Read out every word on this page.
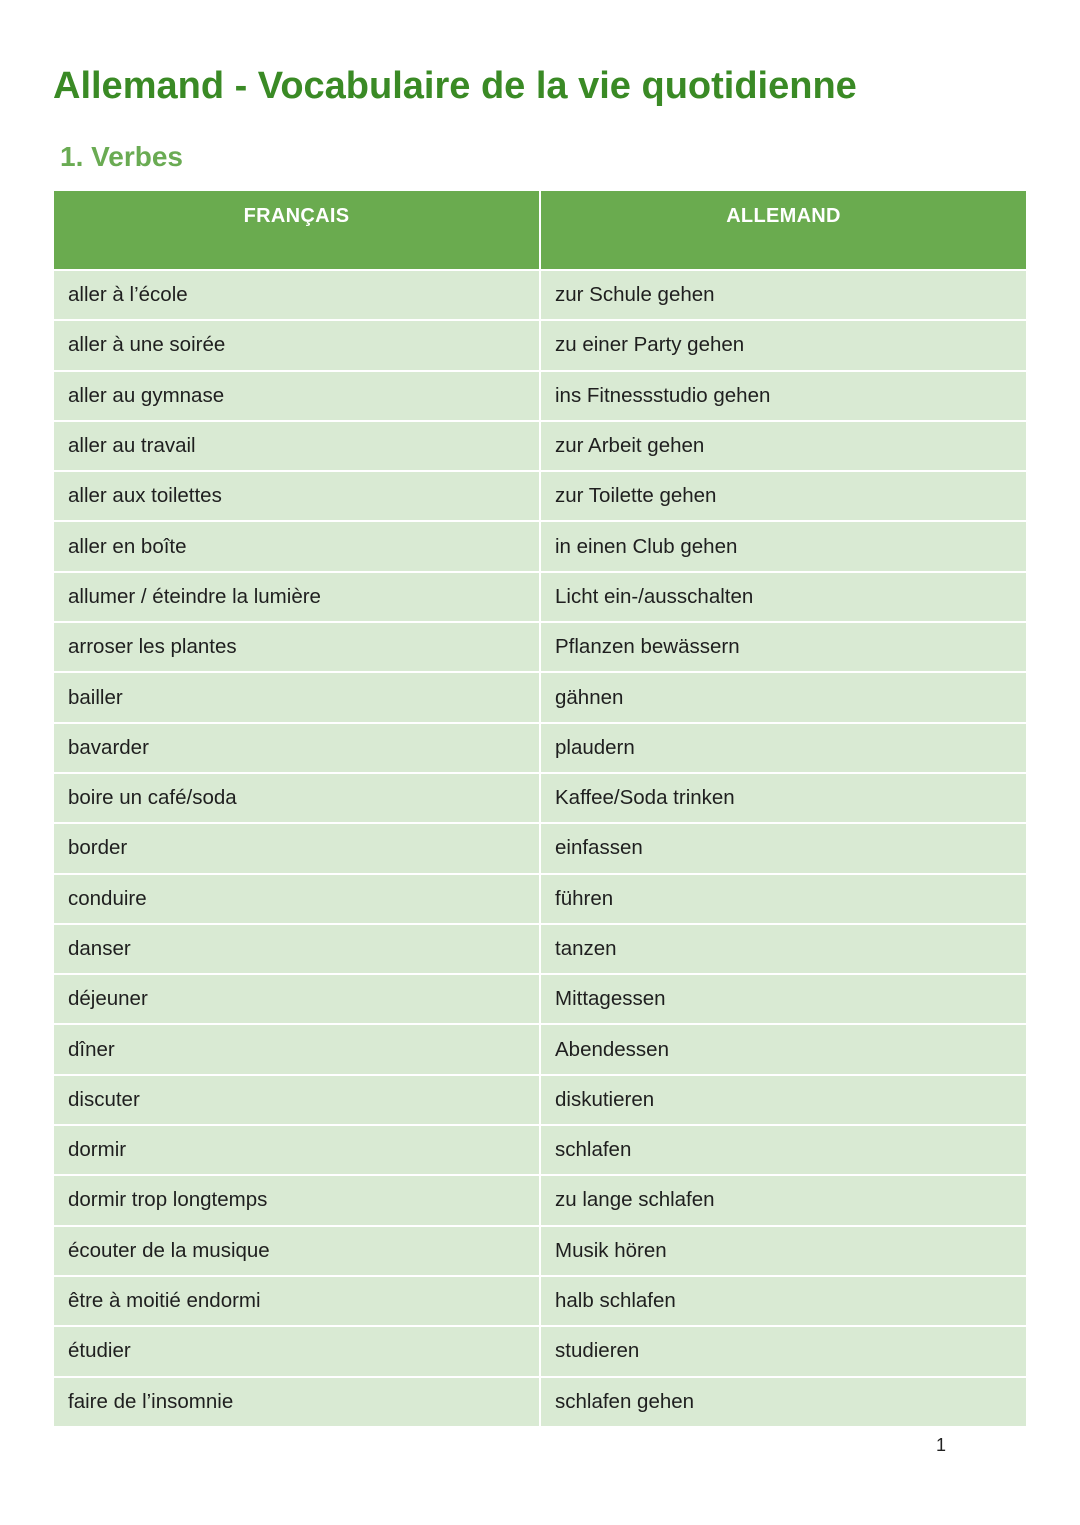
Allemand - Vocabulaire de la vie quotidienne
1. Verbes
FRANÇAIS	ALLEMAND
aller à l’école	zur Schule gehen
aller à une soirée	zu einer Party gehen
aller au gymnase	ins Fitnessstudio gehen
aller au travail	zur Arbeit gehen
aller aux toilettes	zur Toilette gehen
aller en boîte	in einen Club gehen
allumer / éteindre la lumière	Licht ein-/ausschalten
arroser les plantes	Pflanzen bewässern
bailler	gähnen
bavarder	plaudern
boire un café/soda	Kaffee/Soda trinken
border	einfassen
conduire	führen
danser	tanzen
déjeuner	Mittagessen
dîner	Abendessen
discuter	diskutieren
dormir	schlafen
dormir trop longtemps	zu lange schlafen
écouter de la musique	Musik hören
être à moitié endormi	halb schlafen
étudier	studieren
faire de l’insomnie	schlafen gehen
1
